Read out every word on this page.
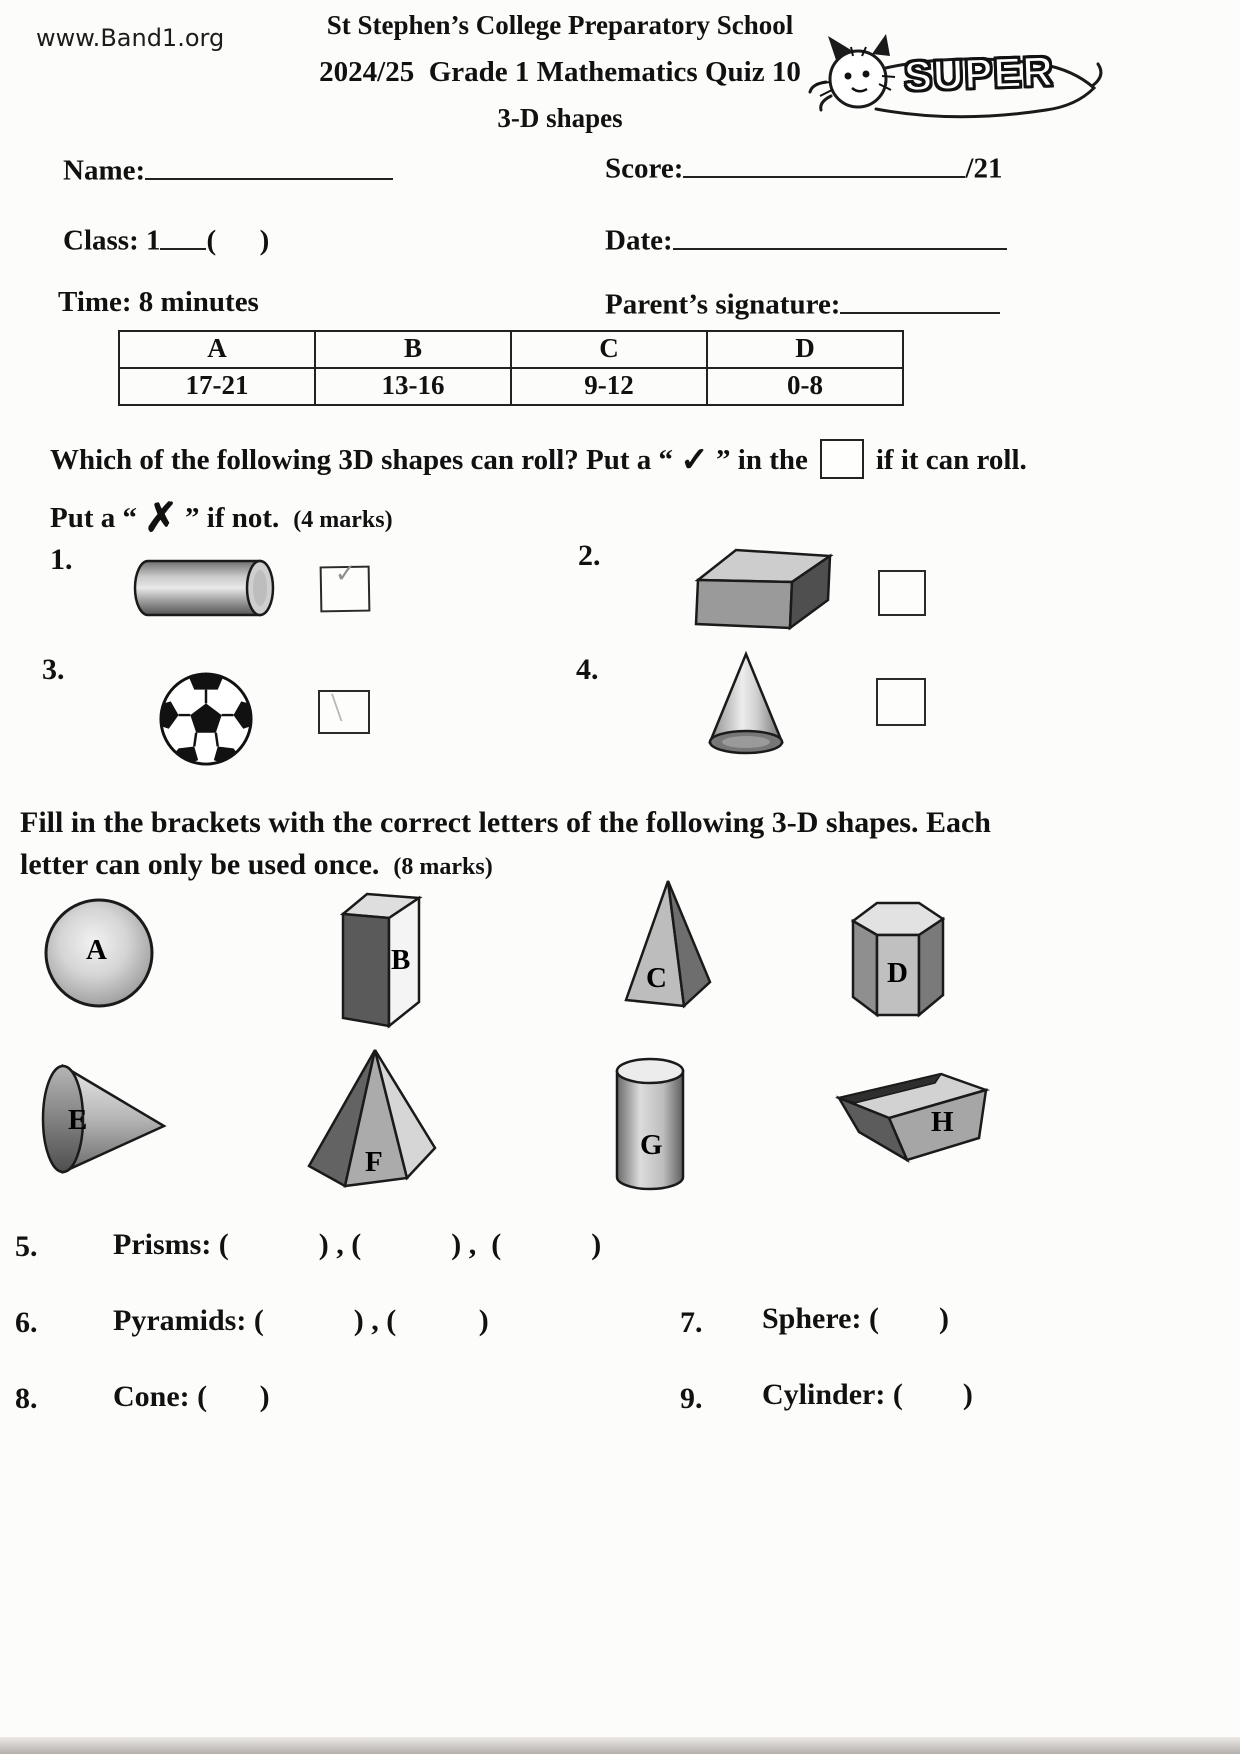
www.Band1.org	St Stephen’s College Preparatory School
2024/25  Grade 1 Mathematics Quiz 10
3-D shapes
SUPER
Name:	Score:	/21
Class: 1 (      )	Date:
Time: 8 minutes	Parent’s signature:
A	B	C	D
17-21	13-16	9-12	0-8
Which of the following 3D shapes can roll? Put a “ ✓ ” in the if it can roll.
Put a “ ✗ ” if not. (4 marks)
1.	✓
2.
3.
╲
4.
Fill in the brackets with the correct letters of the following 3-D shapes. Each
letter can only be used once. (8 marks)
A	B
C	D
E
F
G
H
5.	Prisms: (            ) , (            ) ,  (            )
6.	Pyramids: (            ) , (           )	7. Sphere: (        )
8.	Cone: (       )	9. Cylinder: (        )
